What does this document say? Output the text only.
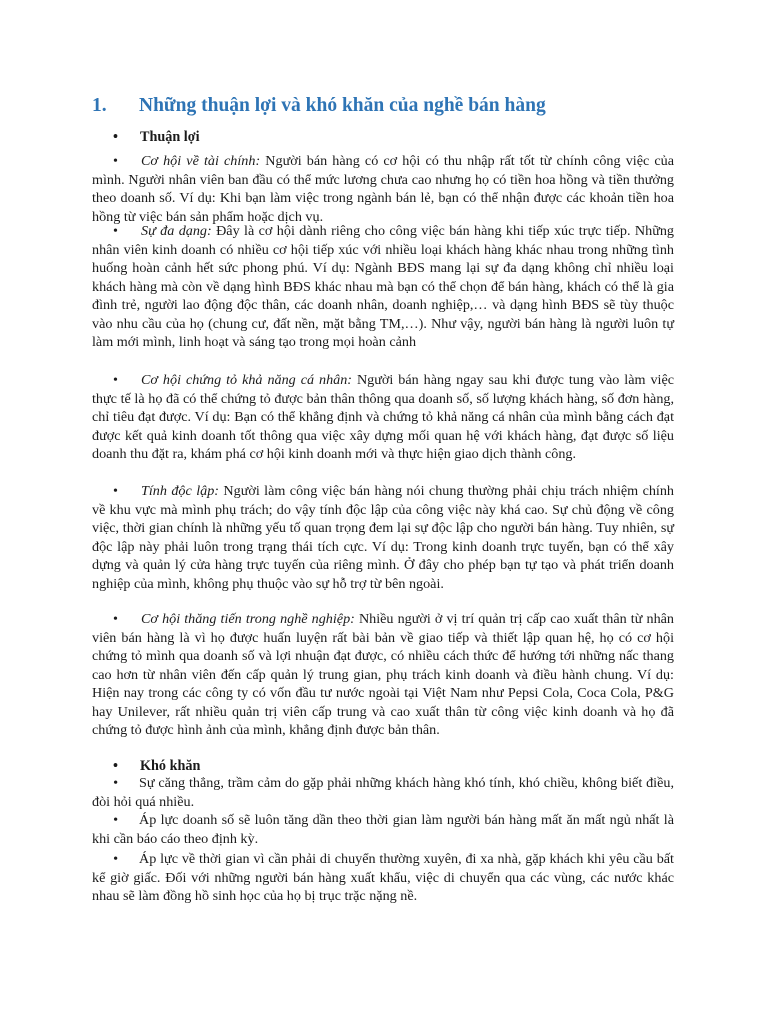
1. Những thuận lợi và khó khăn của nghề bán hàng
• Thuận lợi
• Cơ hội về tài chính: Người bán hàng có cơ hội có thu nhập rất tốt từ chính công việc của mình. Người nhân viên ban đầu có thể mức lương chưa cao nhưng họ có tiền hoa hồng và tiền thưởng theo doanh số. Ví dụ: Khi bạn làm việc trong ngành bán lẻ, bạn có thể nhận được các khoản tiền hoa hồng từ việc bán sản phẩm hoặc dịch vụ.
• Sự đa dạng: Đây là cơ hội dành riêng cho công việc bán hàng khi tiếp xúc trực tiếp. Những nhân viên kinh doanh có nhiều cơ hội tiếp xúc với nhiều loại khách hàng khác nhau trong những tình huống hoàn cảnh hết sức phong phú. Ví dụ: Ngành BĐS mang lại sự đa dạng không chỉ nhiều loại khách hàng mà còn về dạng hình BĐS khác nhau mà bạn có thể chọn để bán hàng, khách có thể là gia đình trẻ, người lao động độc thân, các doanh nhân, doanh nghiệp,… và dạng hình BĐS sẽ tùy thuộc vào nhu cầu của họ (chung cư, đất nền, mặt bằng TM,…). Như vậy, người bán hàng là người luôn tự làm mới mình, linh hoạt và sáng tạo trong mọi hoàn cảnh
• Cơ hội chứng tỏ khả năng cá nhân: Người bán hàng ngay sau khi được tung vào làm việc thực tế là họ đã có thể chứng tỏ được bản thân thông qua doanh số, số lượng khách hàng, số đơn hàng, chỉ tiêu đạt được. Ví dụ: Bạn có thể khẳng định và chứng tỏ khả năng cá nhân của mình bằng cách đạt được kết quả kinh doanh tốt thông qua việc xây dựng mối quan hệ với khách hàng, đạt được số liệu doanh thu đặt ra, khám phá cơ hội kinh doanh mới và thực hiện giao dịch thành công.
• Tính độc lập: Người làm công việc bán hàng nói chung thường phải chịu trách nhiệm chính về khu vực mà mình phụ trách; do vậy tính độc lập của công việc này khá cao. Sự chủ động về công việc, thời gian chính là những yếu tố quan trọng đem lại sự độc lập cho người bán hàng. Tuy nhiên, sự độc lập này phải luôn trong trạng thái tích cực. Ví dụ: Trong kinh doanh trực tuyến, bạn có thể xây dựng và quản lý cửa hàng trực tuyến của riêng mình. Ở đây cho phép bạn tự tạo và phát triển doanh nghiệp của mình, không phụ thuộc vào sự hỗ trợ từ bên ngoài.
• Cơ hội thăng tiến trong nghề nghiệp: Nhiều người ở vị trí quản trị cấp cao xuất thân từ nhân viên bán hàng là vì họ được huấn luyện rất bài bản về giao tiếp và thiết lập quan hệ, họ có cơ hội chứng tỏ mình qua doanh số và lợi nhuận đạt được, có nhiều cách thức để hướng tới những nấc thang cao hơn từ nhân viên đến cấp quản lý trung gian, phụ trách kinh doanh và điều hành chung. Ví dụ: Hiện nay trong các công ty có vốn đầu tư nước ngoài tại Việt Nam như Pepsi Cola, Coca Cola, P&G hay Unilever, rất nhiều quản trị viên cấp trung và cao xuất thân từ công việc kinh doanh và họ đã chứng tỏ được hình ảnh của mình, khẳng định được bản thân.
• Khó khăn
• Sự căng thẳng, trầm cảm do gặp phải những khách hàng khó tính, khó chiều, không biết điều, đòi hỏi quá nhiều.
• Áp lực doanh số sẽ luôn tăng dần theo thời gian làm người bán hàng mất ăn mất ngủ nhất là khi cần báo cáo theo định kỳ.
• Áp lực về thời gian vì cần phải di chuyển thường xuyên, đi xa nhà, gặp khách khi yêu cầu bất kể giờ giấc. Đối với những người bán hàng xuất khẩu, việc di chuyển qua các vùng, các nước khác nhau sẽ làm đồng hồ sinh học của họ bị trục trặc nặng nề.
